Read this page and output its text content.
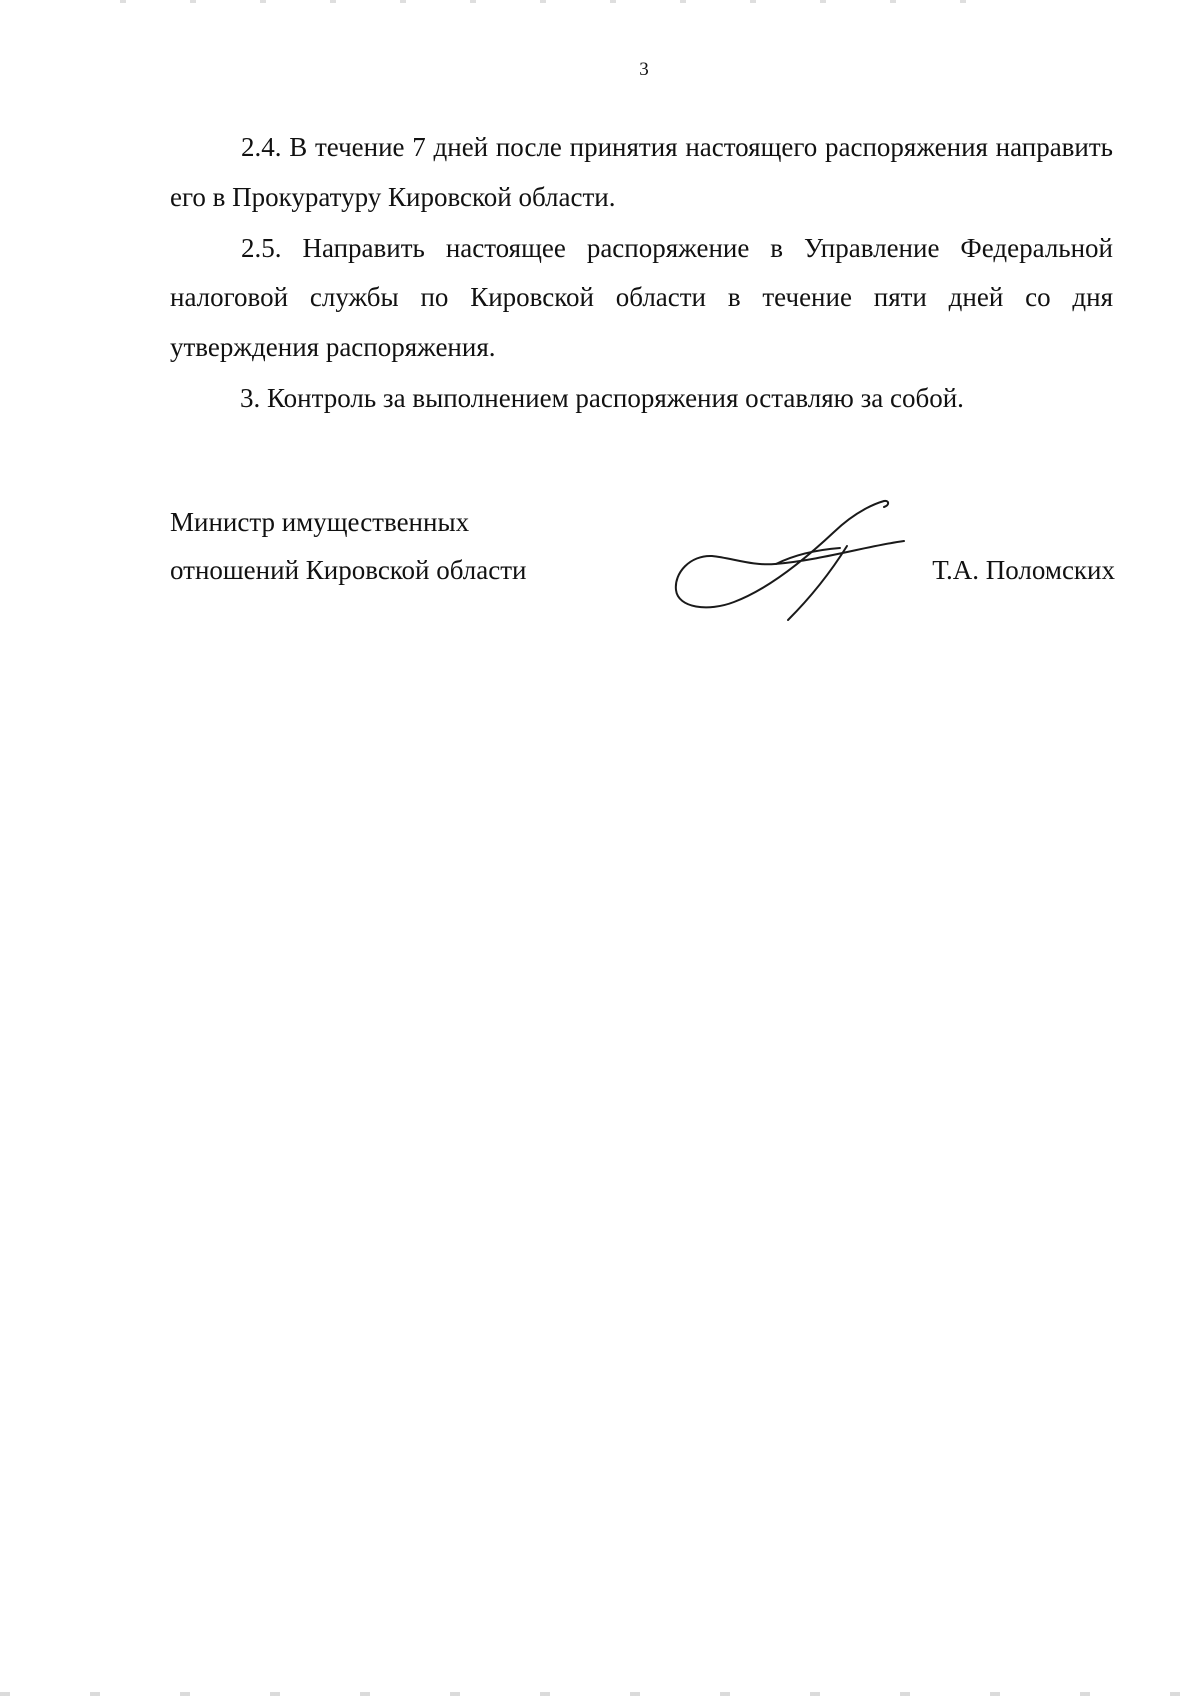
3

2.4. В течение 7 дней после принятия настоящего распоряжения направить его в Прокуратуру Кировской области.

2.5. Направить настоящее распоряжение в Управление Федеральной налоговой службы по Кировской области в течение пяти дней со дня утверждения распоряжения.

3. Контроль за выполнением распоряжения оставляю за собой.

Министр имущественных
отношений Кировской области	Т.А. Поломских
